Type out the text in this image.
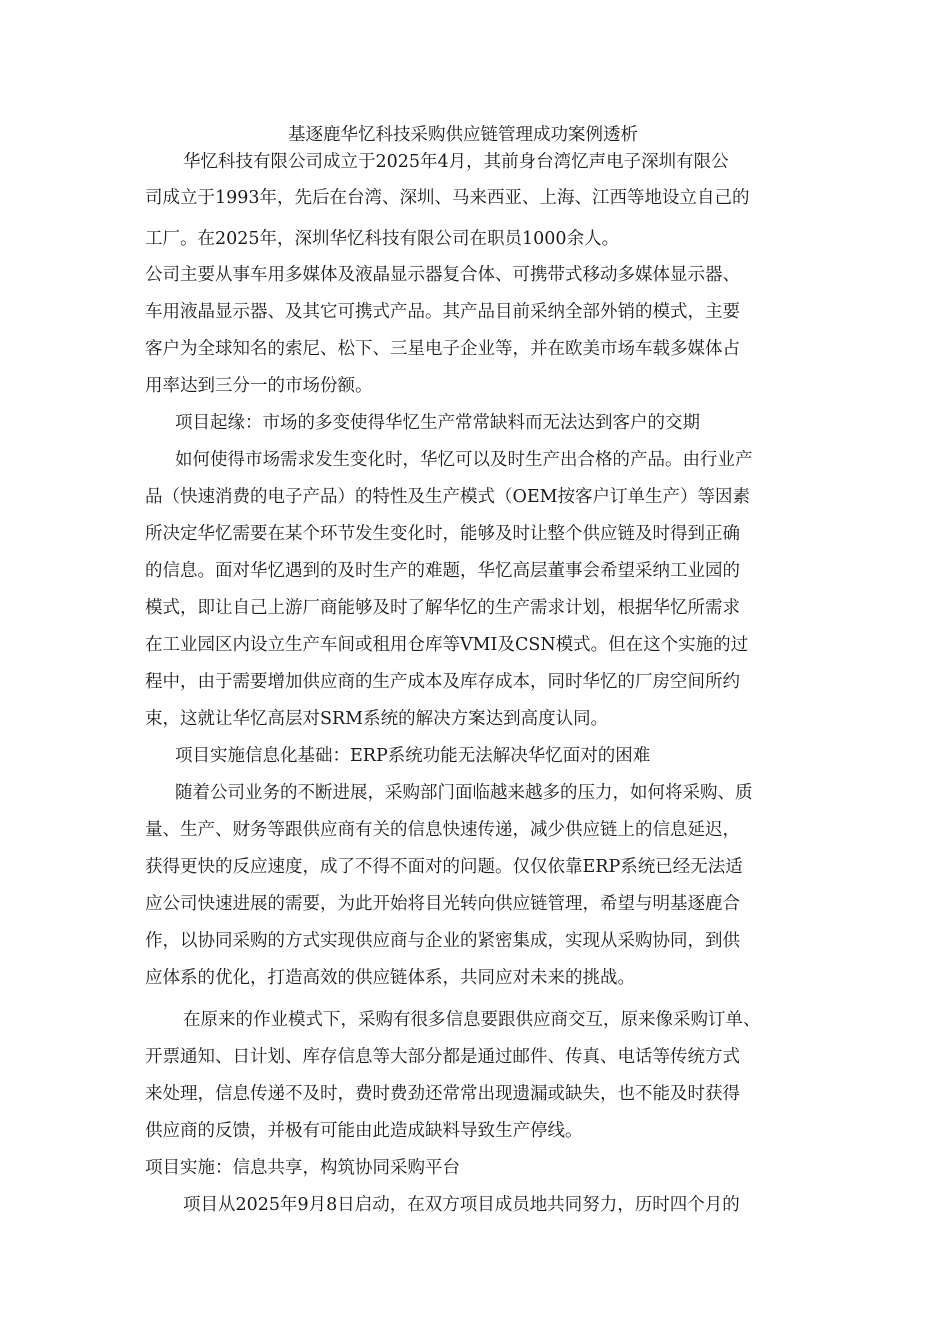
基逐鹿华忆科技采购供应链管理成功案例透析
华忆科技有限公司成立于2025年4月，其前身台湾忆声电子深圳有限公
司成立于1993年，先后在台湾、深圳、马来西亚、上海、江西等地设立自己的
工厂。在2025年，深圳华忆科技有限公司在职员1000余人。
公司主要从事车用多媒体及液晶显示器复合体、可携带式移动多媒体显示器、
车用液晶显示器、及其它可携式产品。其产品目前采纳全部外销的模式，主要
客户为全球知名的索尼、松下、三星电子企业等，并在欧美市场车载多媒体占
用率达到三分一的市场份额。
项目起缘：市场的多变使得华忆生产常常缺料而无法达到客户的交期
如何使得市场需求发生变化时，华忆可以及时生产出合格的产品。由行业产
品（快速消费的电子产品）的特性及生产模式（OEM按客户订单生产）等因素
所决定华忆需要在某个环节发生变化时，能够及时让整个供应链及时得到正确
的信息。面对华忆遇到的及时生产的难题，华忆高层董事会希望采纳工业园的
模式，即让自己上游厂商能够及时了解华忆的生产需求计划，根据华忆所需求
在工业园区内设立生产车间或租用仓库等VMI及CSN模式。但在这个实施的过
程中，由于需要增加供应商的生产成本及库存成本，同时华忆的厂房空间所约
束，这就让华忆高层对SRM系统的解决方案达到高度认同。
项目实施信息化基础：ERP系统功能无法解决华忆面对的困难
随着公司业务的不断进展，采购部门面临越来越多的压力，如何将采购、质
量、生产、财务等跟供应商有关的信息快速传递，减少供应链上的信息延迟，
获得更快的反应速度，成了不得不面对的问题。仅仅依靠ERP系统已经无法适
应公司快速进展的需要，为此开始将目光转向供应链管理，希望与明基逐鹿合
作，以协同采购的方式实现供应商与企业的紧密集成，实现从采购协同，到供
应体系的优化，打造高效的供应链体系，共同应对未来的挑战。
在原来的作业模式下，采购有很多信息要跟供应商交互，原来像采购订单、
开票通知、日计划、库存信息等大部分都是通过邮件、传真、电话等传统方式
来处理，信息传递不及时，费时费劲还常常出现遗漏或缺失，也不能及时获得
供应商的反馈，并极有可能由此造成缺料导致生产停线。
项目实施：信息共享，构筑协同采购平台
项目从2025年9月8日启动，在双方项目成员地共同努力，历时四个月的
